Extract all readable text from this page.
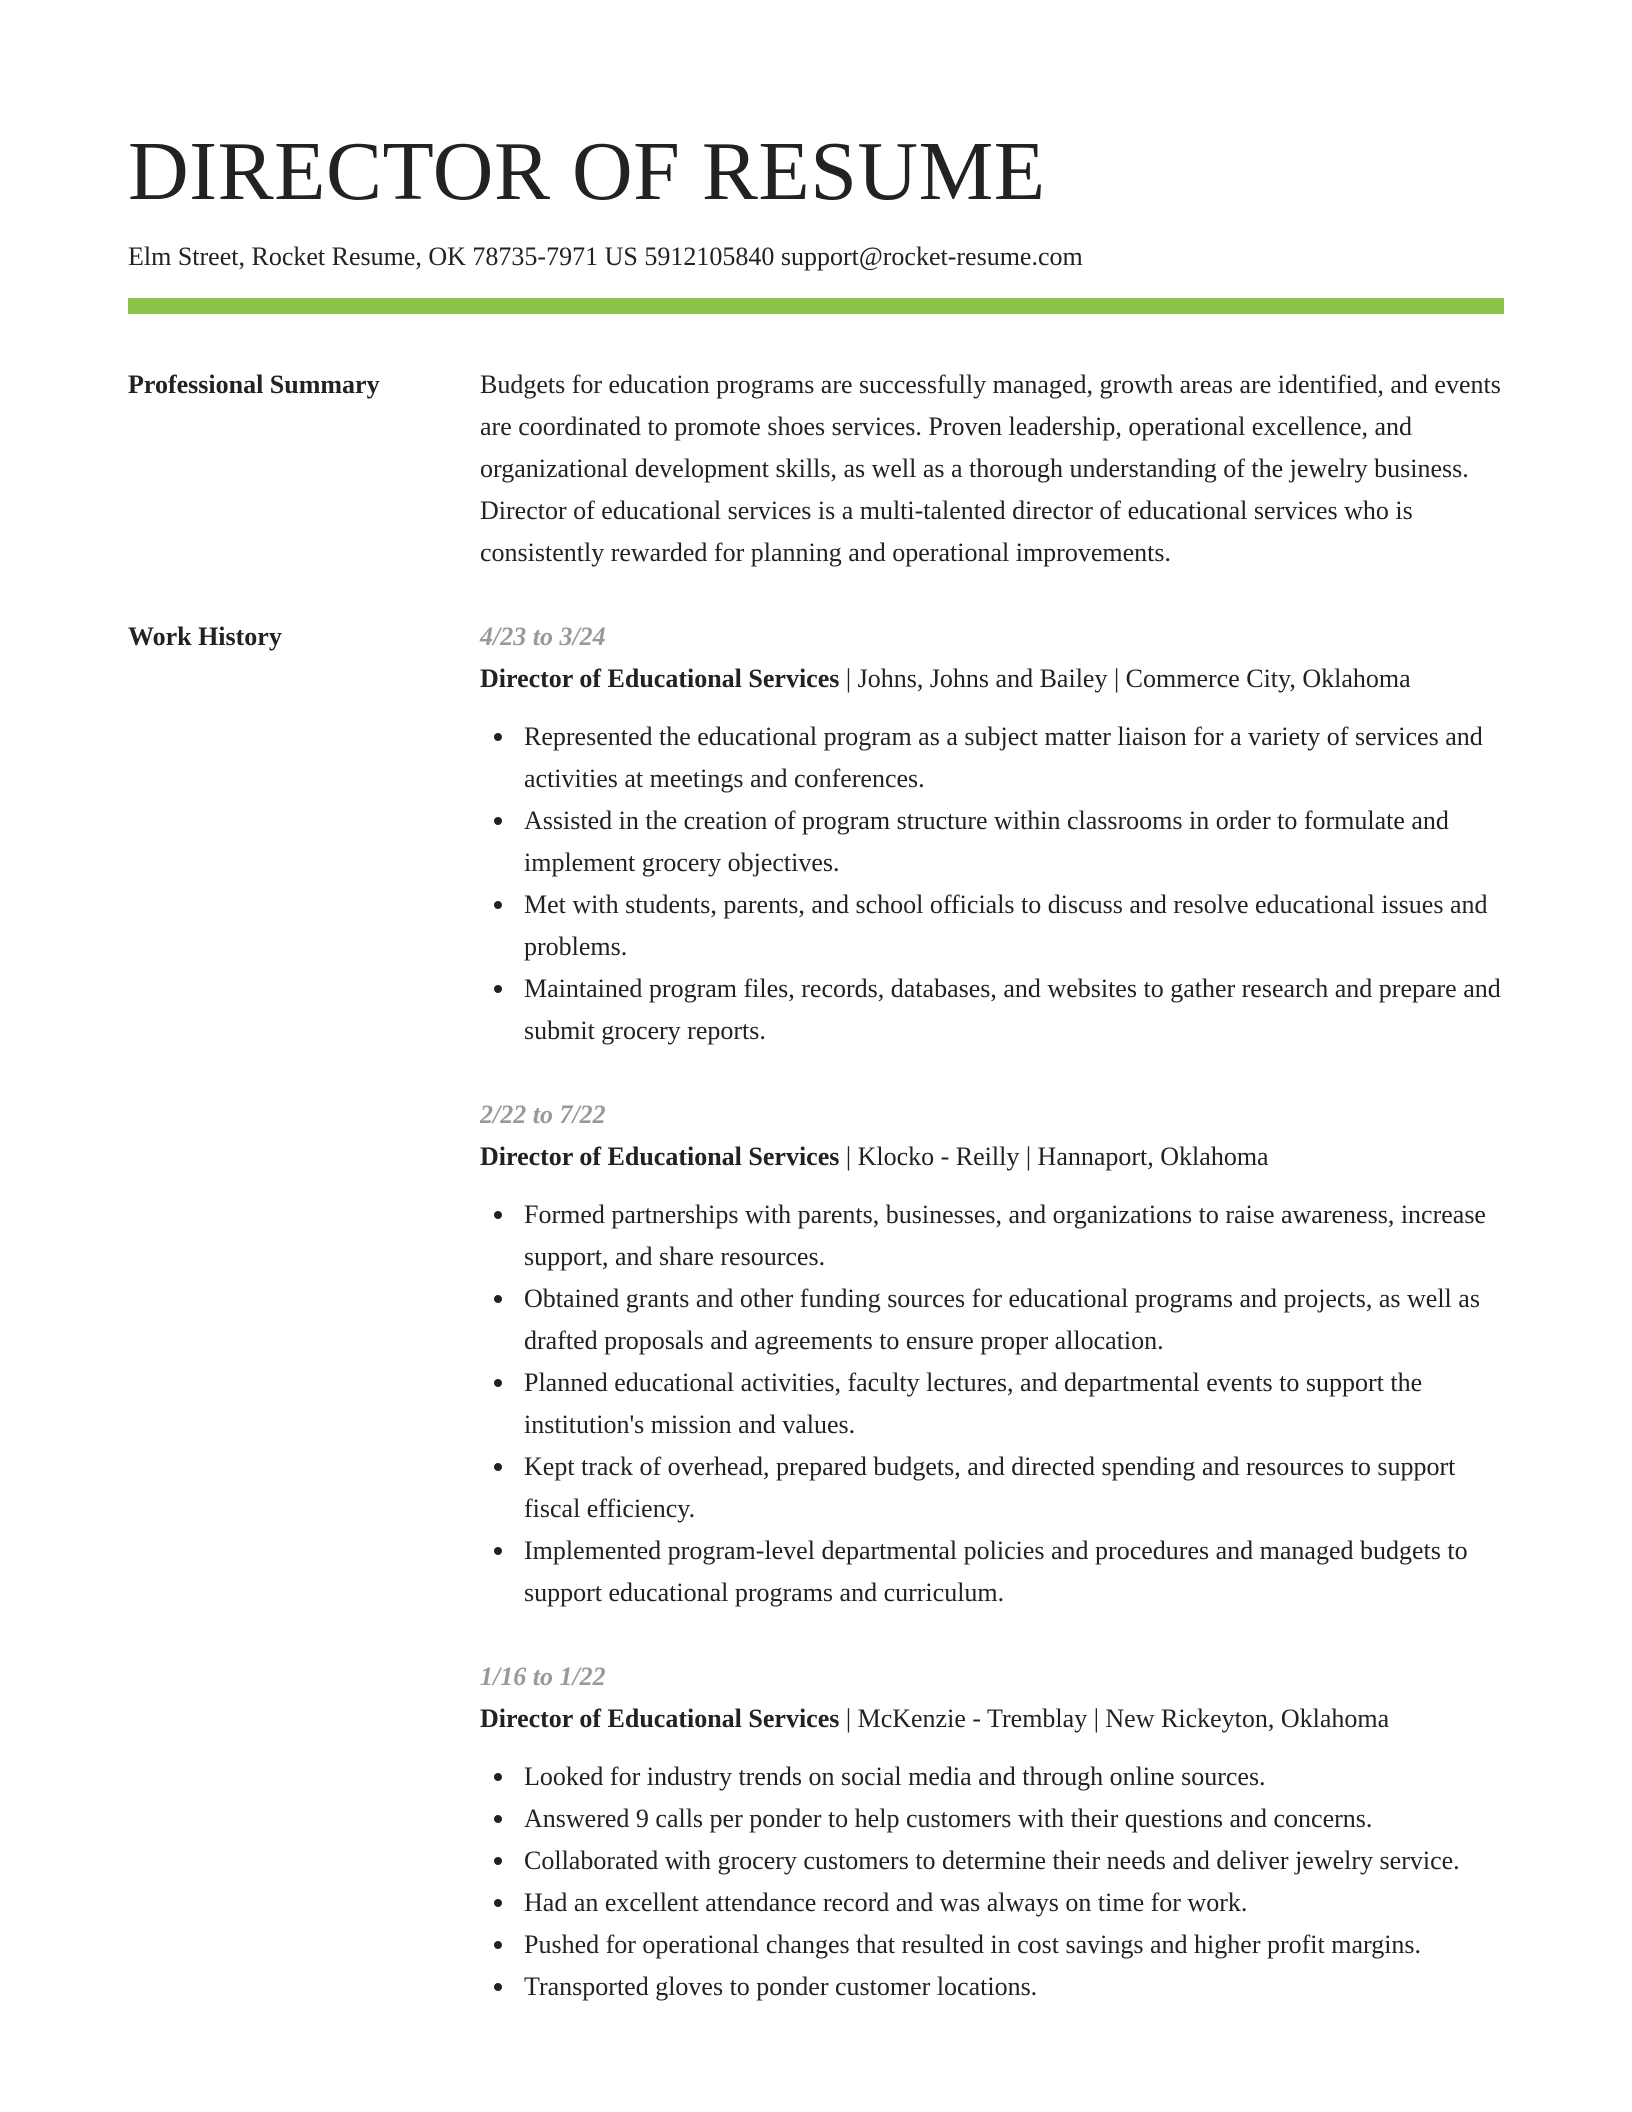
DIRECTOR OF RESUME
Elm Street, Rocket Resume, OK 78735-7971 US 5912105840 support@rocket-resume.com
Professional Summary	Budgets for education programs are successfully managed, growth areas are identified, and events are coordinated to promote shoes services. Proven leadership, operational excellence, and organizational development skills, as well as a thorough understanding of the jewelry business. Director of educational services is a multi-talented director of educational services who is consistently rewarded for planning and operational improvements.
Work History	4/23 to 3/24
Director of Educational Services | Johns, Johns and Bailey | Commerce City, Oklahoma
Represented the educational program as a subject matter liaison for a variety of services and activities at meetings and conferences.
Assisted in the creation of program structure within classrooms in order to formulate and implement grocery objectives.
Met with students, parents, and school officials to discuss and resolve educational issues and problems.
Maintained program files, records, databases, and websites to gather research and prepare and submit grocery reports.
2/22 to 7/22
Director of Educational Services | Klocko - Reilly | Hannaport, Oklahoma
Formed partnerships with parents, businesses, and organizations to raise awareness, increase support, and share resources.
Obtained grants and other funding sources for educational programs and projects, as well as drafted proposals and agreements to ensure proper allocation.
Planned educational activities, faculty lectures, and departmental events to support the institution's mission and values.
Kept track of overhead, prepared budgets, and directed spending and resources to support fiscal efficiency.
Implemented program-level departmental policies and procedures and managed budgets to support educational programs and curriculum.
1/16 to 1/22
Director of Educational Services | McKenzie - Tremblay | New Rickeyton, Oklahoma
Looked for industry trends on social media and through online sources.
Answered 9 calls per ponder to help customers with their questions and concerns.
Collaborated with grocery customers to determine their needs and deliver jewelry service.
Had an excellent attendance record and was always on time for work.
Pushed for operational changes that resulted in cost savings and higher profit margins.
Transported gloves to ponder customer locations.
